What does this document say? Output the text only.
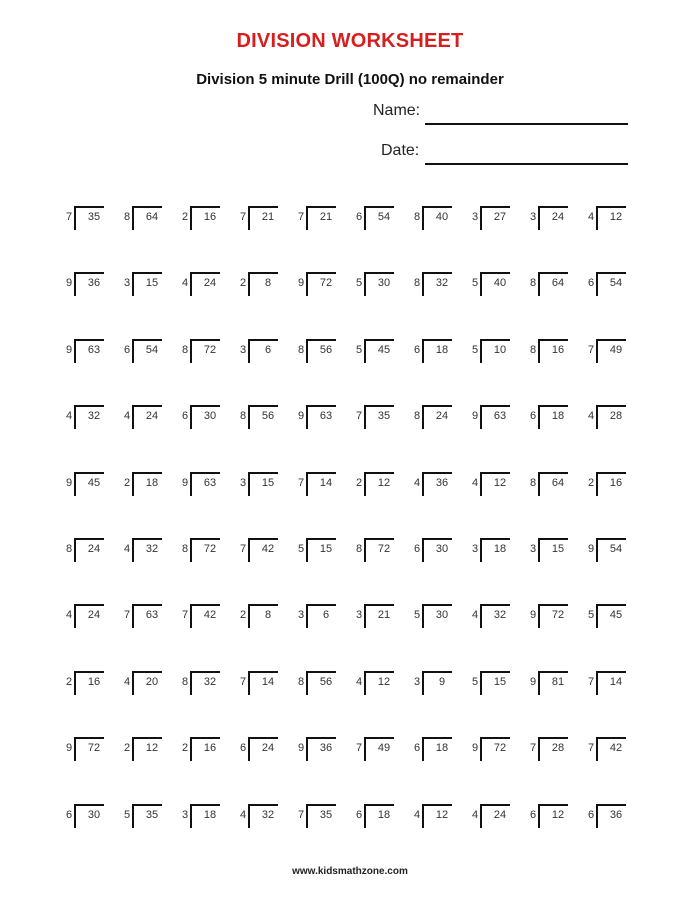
DIVISION WORKSHEET
Division 5 minute Drill (100Q) no remainder
Name:
Date:
7	35	8	64	2	16	7	21	7	21	6	54	8	40	3	27	3	24	4	12
9	36	3	15	4	24	2	8	9	72	5	30	8	32	5	40	8	64	6	54
9	63	6	54	8	72	3	6	8	56	5	45	6	18	5	10	8	16	7	49
4	32	4	24	6	30	8	56	9	63	7	35	8	24	9	63	6	18	4	28
9	45	2	18	9	63	3	15	7	14	2	12	4	36	4	12	8	64	2	16
8	24	4	32	8	72	7	42	5	15	8	72	6	30	3	18	3	15	9	54
4	24	7	63	7	42	2	8	3	6	3	21	5	30	4	32	9	72	5	45
2	16	4	20	8	32	7	14	8	56	4	12	3	9	5	15	9	81	7	14
9	72	2	12	2	16	6	24	9	36	7	49	6	18	9	72	7	28	7	42
6	30	5	35	3	18	4	32	7	35	6	18	4	12	4	24	6	12	6	36
www.kidsmathzone.com
